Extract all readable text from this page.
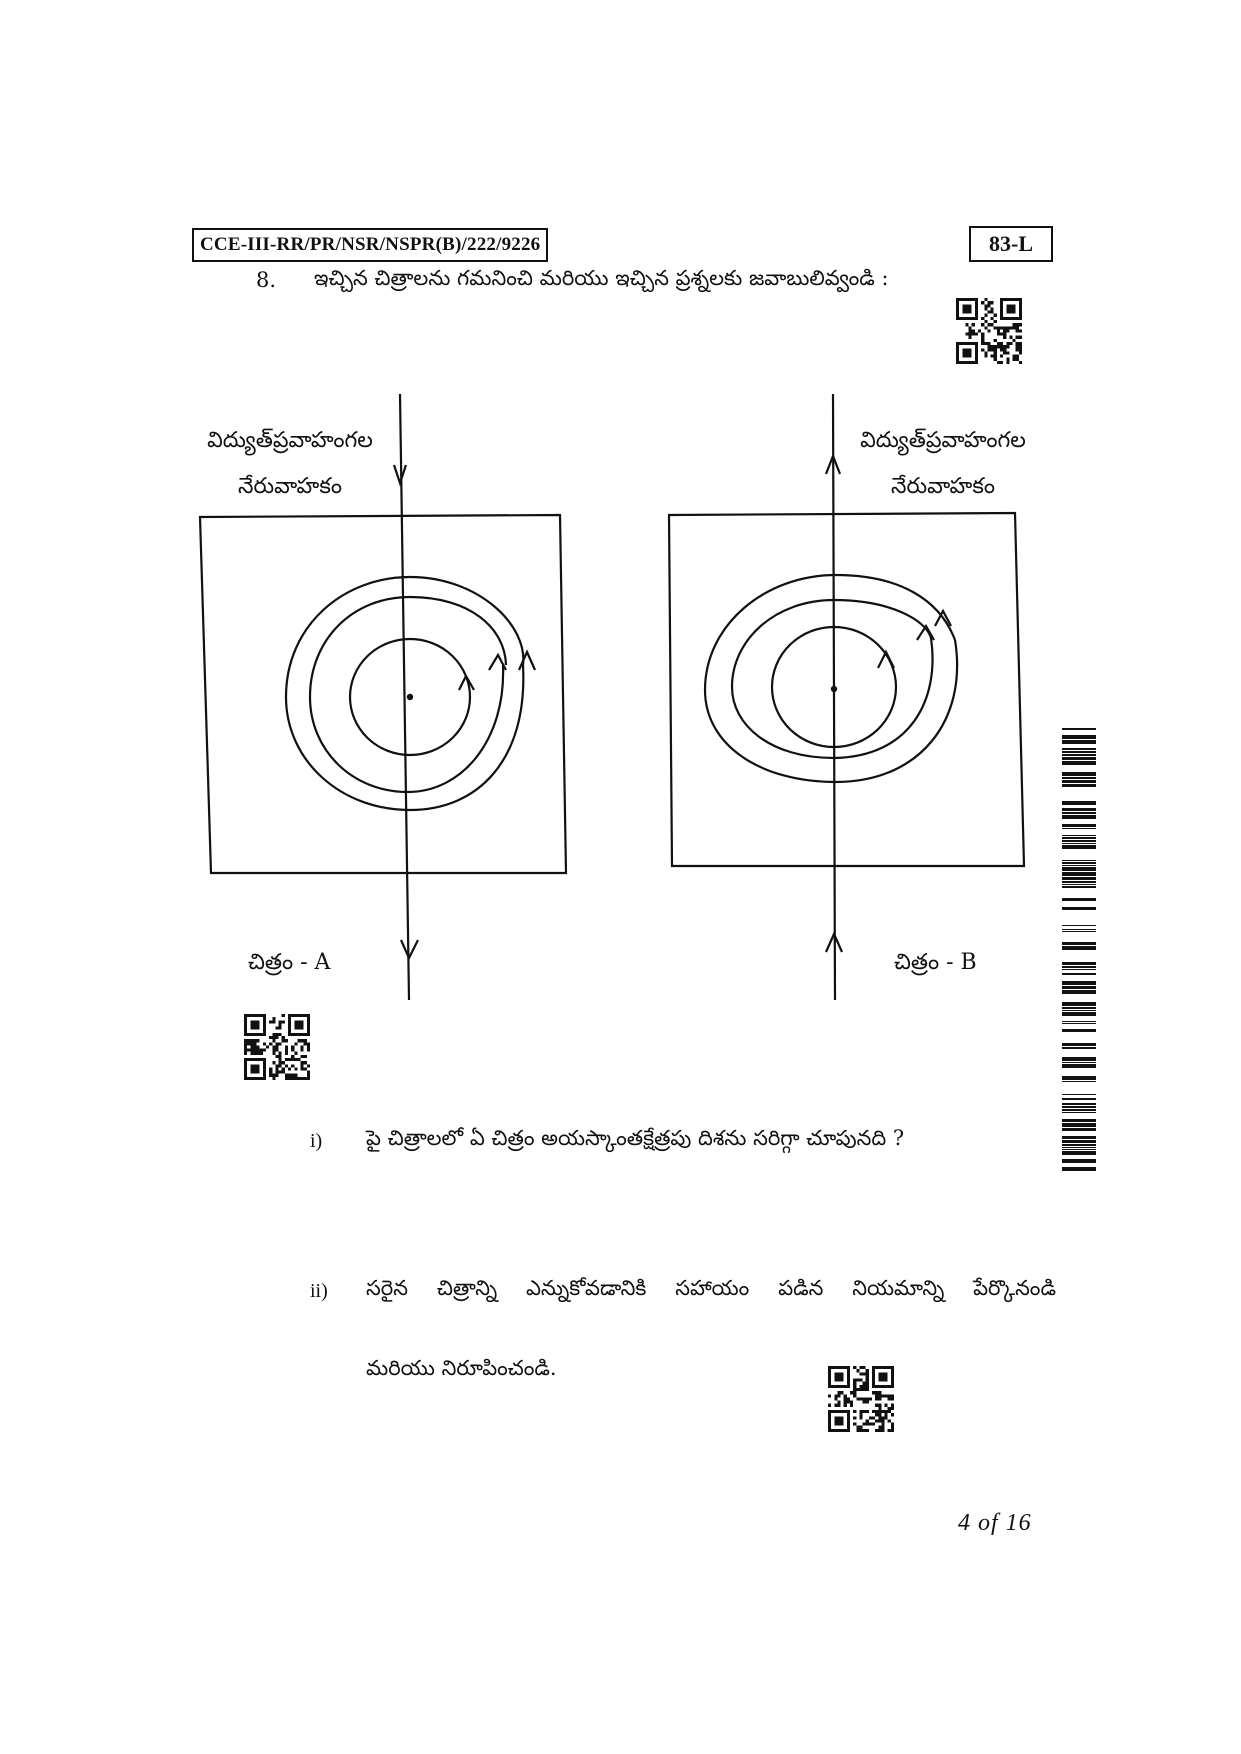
CCE-III-RR/PR/NSR/NSPR(B)/222/9226	83-L
8. ఇచ్చిన చిత్రాలను గమనించి మరియు ఇచ్చిన ప్రశ్నలకు జవాబులివ్వండి :
విద్యుత్‌ప్రవాహంగల
నేరువాహకం
విద్యుత్‌ప్రవాహంగల
నేరువాహకం
చిత్రం - A	చిత్రం - B
i) పై చిత్రాలలో ఏ చిత్రం అయస్కాంతక్షేత్రపు దిశను సరిగ్గా చూపునది ?
ii) సరైన చిత్రాన్ని ఎన్నుకోవడానికి సహాయం పడిన నియమాన్ని పేర్కొనండి
మరియు నిరూపించండి.
4 of 16
